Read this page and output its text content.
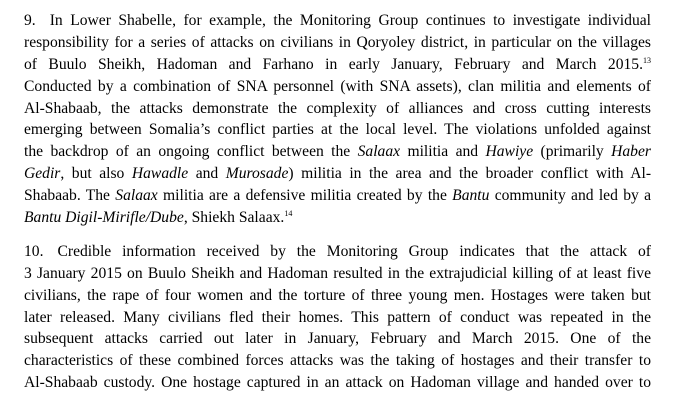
9. In Lower Shabelle, for example, the Monitoring Group continues to investigate individual
responsibility for a series of attacks on civilians in Qoryoley district, in particular on the villages
of Buulo Sheikh, Hadoman and Farhano in early January, February and March 2015.13
Conducted by a combination of SNA personnel (with SNA assets), clan militia and elements of
Al-Shabaab, the attacks demonstrate the complexity of alliances and cross cutting interests
emerging between Somalia’s conflict parties at the local level. The violations unfolded against
the backdrop of an ongoing conflict between the Salaax militia and Hawiye (primarily Haber
Gedir, but also Hawadle and Murosade) militia in the area and the broader conflict with Al-
Shabaab. The Salaax militia are a defensive militia created by the Bantu community and led by a
Bantu Digil-Mirifle/Dube, Shiekh Salaax.$^{14}$
10. Credible information received by the Monitoring Group indicates that the attack of
3 January 2015 on Buulo Sheikh and Hadoman resulted in the extrajudicial killing of at least five
civilians, the rape of four women and the torture of three young men. Hostages were taken but
later released. Many civilians fled their homes. This pattern of conduct was repeated in the
subsequent attacks carried out later in January, February and March 2015. One of the
characteristics of these combined forces attacks was the taking of hostages and their transfer to
Al-Shabaab custody. One hostage captured in an attack on Hadoman village and handed over to
